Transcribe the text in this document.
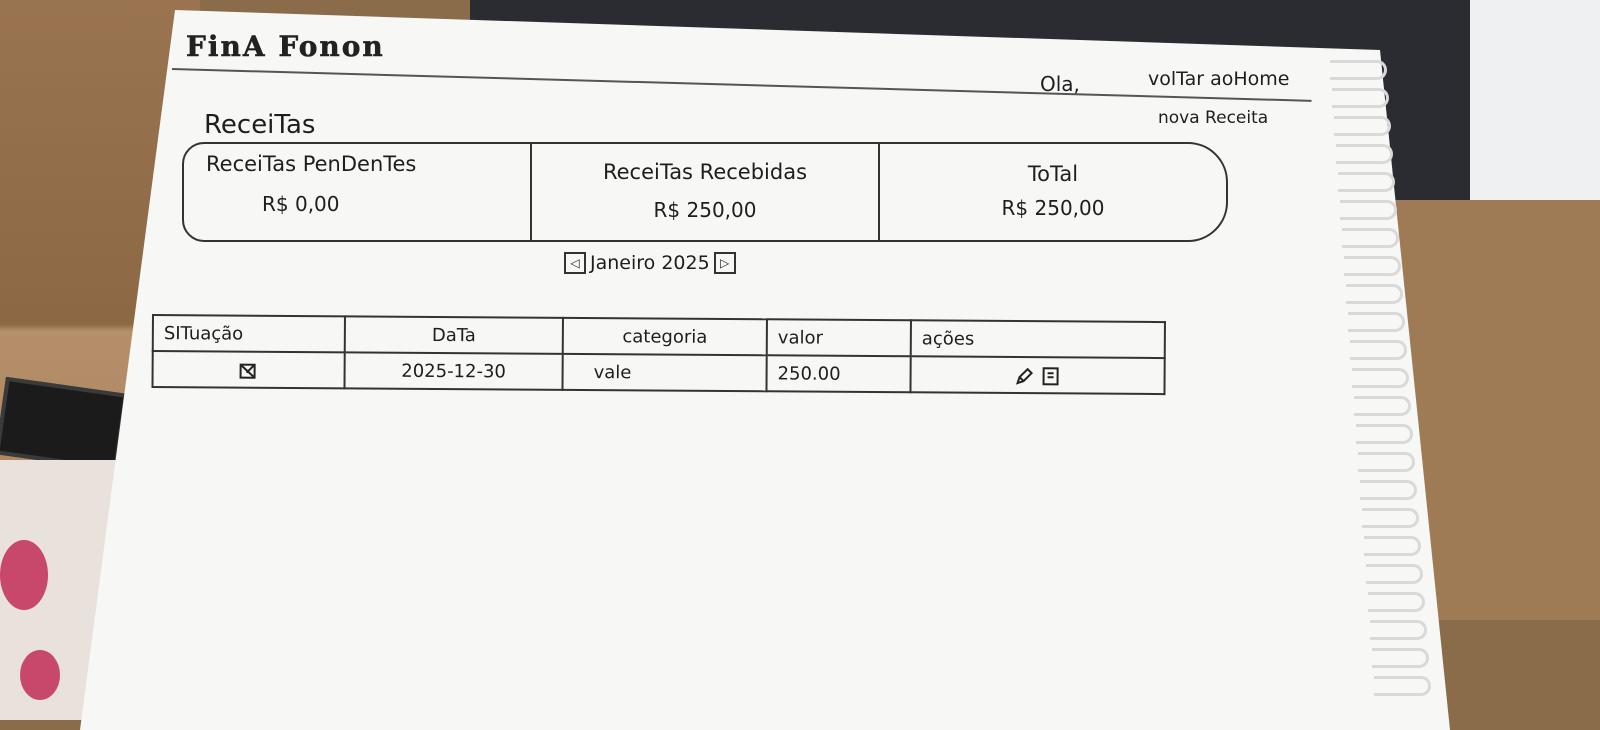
FinA Fonon
Ola,	volTar aoHome
nova Receita
ReceiTas
ReceiTas PenDenTes
R$ 0,00
ReceiTas Recebidas
R$ 250,00
ToTal
R$ 250,00
◁ Janeiro 2025 ▷
SITuação	DaTa	categoria	valor	ações
	2025-12-30	vale	250.00	
